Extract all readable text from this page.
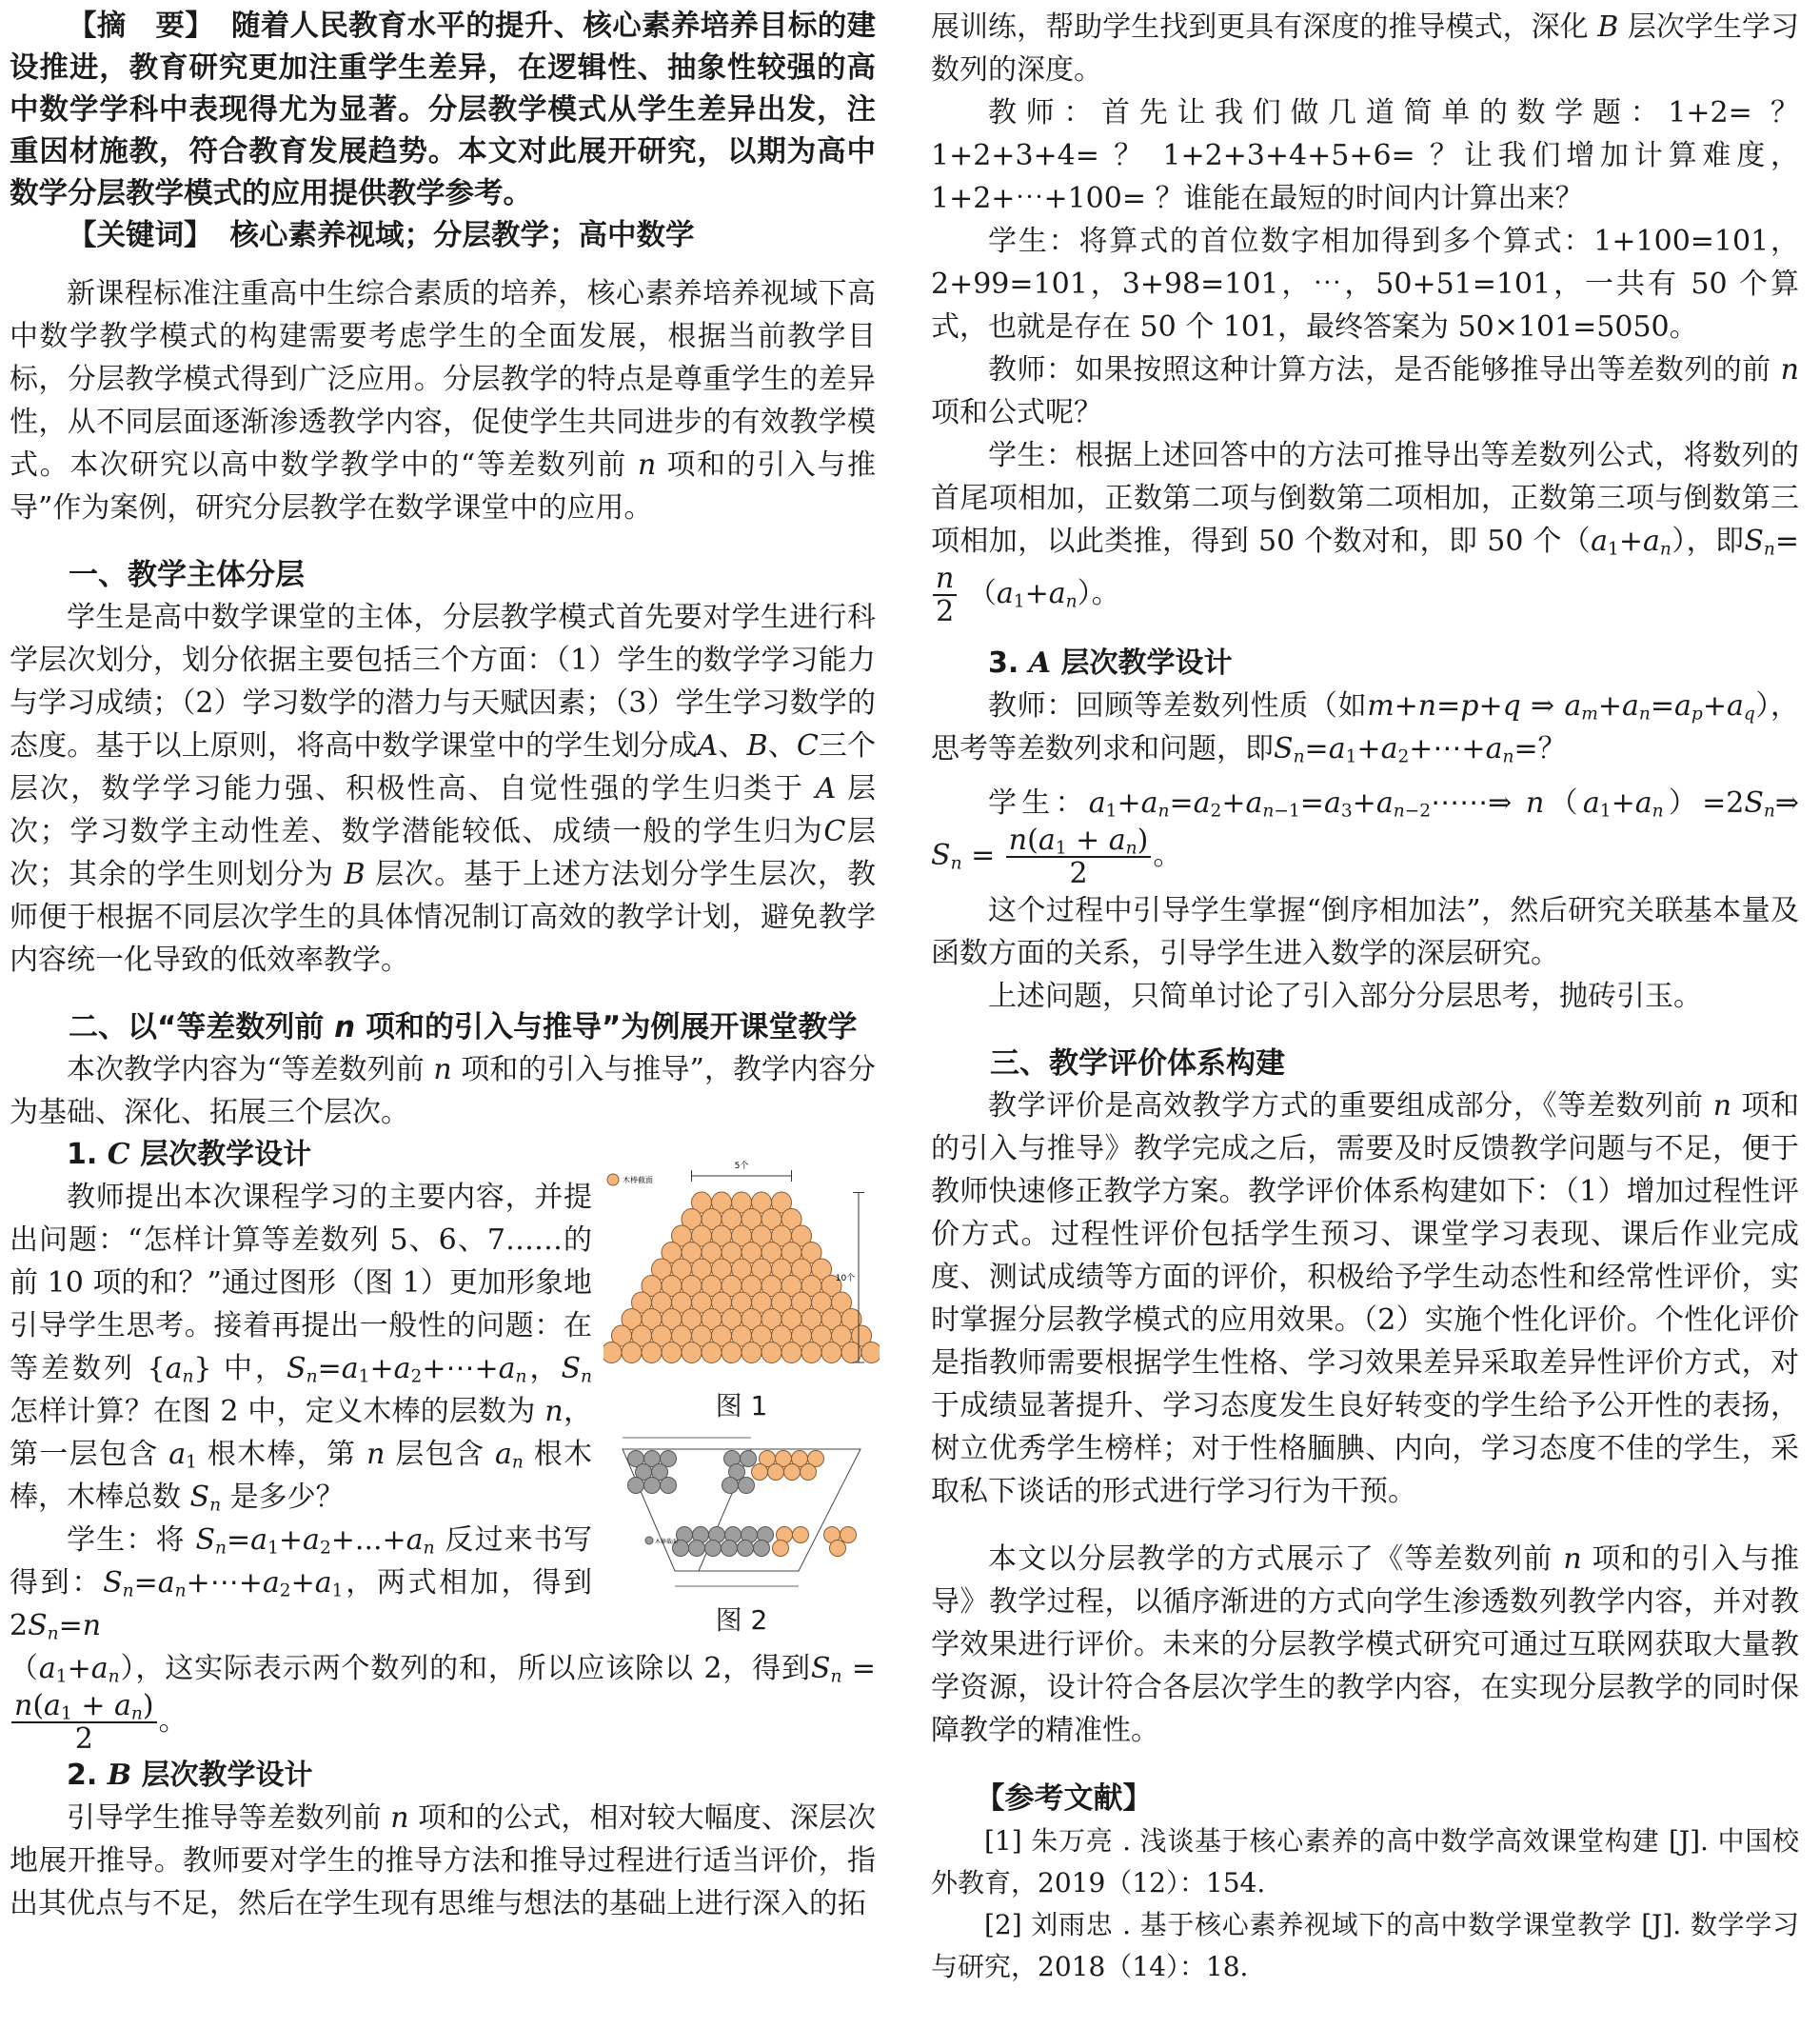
【摘　要】 随着人民教育水平的提升、核心素养培养目标的建设推进，教育研究更加注重学生差异，在逻辑性、抽象性较强的高中数学学科中表现得尤为显著。分层教学模式从学生差异出发，注重因材施教，符合教育发展趋势。本文对此展开研究，以期为高中数学分层教学模式的应用提供教学参考。

【关键词】 核心素养视域；分层教学；高中数学

新课程标准注重高中生综合素质的培养，核心素养培养视域下高中数学教学模式的构建需要考虑学生的全面发展，根据当前教学目标，分层教学模式得到广泛应用。分层教学的特点是尊重学生的差异性，从不同层面逐渐渗透教学内容，促使学生共同进步的有效教学模式。本次研究以高中数学教学中的“等差数列前 n 项和的引入与推导”作为案例，研究分层教学在数学课堂中的应用。

一、教学主体分层

学生是高中数学课堂的主体，分层教学模式首先要对学生进行科学层次划分，划分依据主要包括三个方面：（1）学生的数学学习能力与学习成绩；（2）学习数学的潜力与天赋因素；（3）学生学习数学的态度。基于以上原则，将高中数学课堂中的学生划分成A、B、C三个层次，数学学习能力强、积极性高、自觉性强的学生归类于 A 层次；学习数学主动性差、数学潜能较低、成绩一般的学生归为C层次；其余的学生则划分为 B 层次。基于上述方法划分学生层次，教师便于根据不同层次学生的具体情况制订高效的教学计划，避免教学内容统一化导致的低效率教学。

二、以“等差数列前 n 项和的引入与推导”为例展开课堂教学

本次教学内容为“等差数列前 n 项和的引入与推导”，教学内容分为基础、深化、拓展三个层次。

1. C 层次教学设计

教师提出本次课程学习的主要内容，并提出问题：“怎样计算等差数列 5、6、7……的前 10 项的和？”通过图形（图 1）更加形象地引导学生思考。接着再提出一般性的问题：在等差数列 $\{a_n\}$ 中，$S_n=a_1+a_2+\cdots+a_n$，$S_n$ 怎样计算？在图 2 中，定义木棒的层数为 n，第一层包含 $a_1$ 根木棒，第 n 层包含 $a_n$ 根木棒，木棒总数 $S_n$ 是多少？

学生：将 $S_n=a_1+a_2+...+a_n$ 反过来书写得到：$S_n=a_n+\cdots+a_2+a_1$，两式相加，得到 $2S_n=n$

$(a_1+a_n)$，这实际表示两个数列的和，所以应该除以 2，得到$S_n$ =
$\frac{n(a_1 + a_n)}{2}$ 。

5个
10个
木棒截面
图 1
木棒截面
图 2
2. B 层次教学设计

引导学生推导等差数列前 n 项和的公式，相对较大幅度、深层次地展开推导。教师要对学生的推导方法和推导过程进行适当评价，指出其优点与不足，然后在学生现有思维与想法的基础上进行深入的拓

展训练，帮助学生找到更具有深度的推导模式，深化 B 层次学生学习数列的深度。

教师：首先让我们做几道简单的数学题：1+2= ？ 1+2+3+4= ？ 1+2+3+4+5+6= ？让我们增加计算难度，1+2+⋯+100= ？谁能在最短的时间内计算出来？

学生：将算式的首位数字相加得到多个算式：1+100=101，2+99=101，3+98=101，⋯，50+51=101，一共有 50 个算式，也就是存在 50 个 101，最终答案为 50×101=5050。

教师：如果按照这种计算方法，是否能够推导出等差数列的前 n 项和公式呢？

学生：根据上述回答中的方法可推导出等差数列公式，将数列的首尾项相加，正数第二项与倒数第二项相加，正数第三项与倒数第三项相加，以此类推，得到 50 个数对和，即 50 个$(a_1+a_n)$，即$S_n=$
$\frac{n}{2} (a_1+a_n)$。

3. A 层次教学设计

教师：回顾等差数列性质（如m+n=p+q ⇒ $a_m+a_n=a_p+a_q$），思考等差数列求和问题，即$S_n=a_1+a_2+\cdots+a_n=$？

学生：$a_1+a_n=a_2+a_{n-1}=a_3+a_{n-2}\cdots\cdots\Rightarrow$ $n(a_1+a_n)=2S_n\Rightarrow$ $S_n = \frac{n(a_1 + a_n)}{2}$ 。

这个过程中引导学生掌握“倒序相加法”，然后研究关联基本量及函数方面的关系，引导学生进入数学的深层研究。

上述问题，只简单讨论了引入部分分层思考，抛砖引玉。

三、教学评价体系构建

教学评价是高效教学方式的重要组成部分，《等差数列前 n 项和的引入与推导》教学完成之后，需要及时反馈教学问题与不足，便于教师快速修正教学方案。教学评价体系构建如下：（1）增加过程性评价方式。过程性评价包括学生预习、课堂学习表现、课后作业完成度、测试成绩等方面的评价，积极给予学生动态性和经常性评价，实时掌握分层教学模式的应用效果。（2）实施个性化评价。个性化评价是指教师需要根据学生性格、学习效果差异采取差异性评价方式，对于成绩显著提升、学习态度发生良好转变的学生给予公开性的表扬，树立优秀学生榜样；对于性格腼腆、内向，学习态度不佳的学生，采取私下谈话的形式进行学习行为干预。

本文以分层教学的方式展示了《等差数列前 n 项和的引入与推导》教学过程，以循序渐进的方式向学生渗透数列教学内容，并对教学效果进行评价。未来的分层教学模式研究可通过互联网获取大量教学资源，设计符合各层次学生的教学内容，在实现分层教学的同时保障教学的精准性。

【参考文献】

[1] 朱万亮 . 浅谈基于核心素养的高中数学高效课堂构建 [J]. 中国校外教育，2019（12）：154.

[2] 刘雨忠 . 基于核心素养视域下的高中数学课堂教学 [J]. 数学学习与研究，2018（14）：18.
